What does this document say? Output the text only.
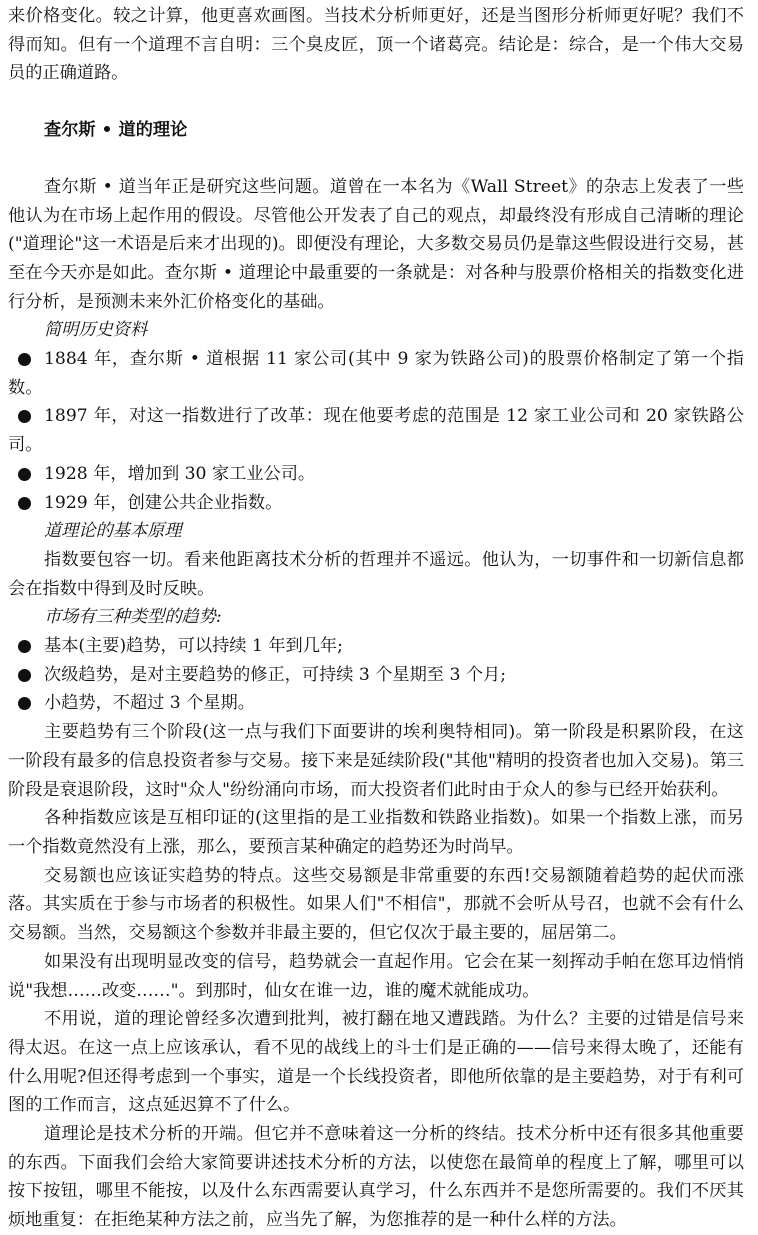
来价格变化。较之计算，他更喜欢画图。当技术分析师更好，还是当图形分析师更好呢？我们不得而知。但有一个道理不言自明：三个臭皮匠，顶一个诸葛亮。结论是：综合，是一个伟大交易员的正确道路。

查尔斯 • 道的理论

查尔斯 • 道当年正是研究这些问题。道曾在一本名为《Wall Street》的杂志上发表了一些他认为在市场上起作用的假设。尽管他公开发表了自己的观点，却最终没有形成自己清晰的理论("道理论"这一术语是后来才出现的)。即便没有理论，大多数交易员仍是靠这些假设进行交易，甚至在今天亦是如此。查尔斯 • 道理论中最重要的一条就是：对各种与股票价格相关的指数变化进行分析，是预测未来外汇价格变化的基础。

简明历史资料

1884 年，查尔斯 • 道根据 11 家公司(其中 9 家为铁路公司)的股票价格制定了第一个指数。

1897 年，对这一指数进行了改革：现在他要考虑的范围是 12 家工业公司和 20 家铁路公司。

1928 年，增加到 30 家工业公司。

1929 年，创建公共企业指数。

道理论的基本原理

指数要包容一切。看来他距离技术分析的哲理并不遥远。他认为，一切事件和一切新信息都会在指数中得到及时反映。

市场有三种类型的趋势:

基本(主要)趋势，可以持续 1 年到几年;

次级趋势，是对主要趋势的修正，可持续 3 个星期至 3 个月;

小趋势，不超过 3 个星期。

主要趋势有三个阶段(这一点与我们下面要讲的埃利奥特相同)。第一阶段是积累阶段，在这一阶段有最多的信息投资者参与交易。接下来是延续阶段("其他"精明的投资者也加入交易)。第三阶段是衰退阶段，这时"众人"纷纷涌向市场，而大投资者们此时由于众人的参与已经开始获利。

各种指数应该是互相印证的(这里指的是工业指数和铁路业指数)。如果一个指数上涨，而另一个指数竟然没有上涨，那么，要预言某种确定的趋势还为时尚早。

交易额也应该证实趋势的特点。这些交易额是非常重要的东西!交易额随着趋势的起伏而涨落。其实质在于参与市场者的积极性。如果人们"不相信"，那就不会听从号召，也就不会有什么交易额。当然，交易额这个参数并非最主要的，但它仅次于最主要的，屈居第二。

如果没有出现明显改变的信号，趋势就会一直起作用。它会在某一刻挥动手帕在您耳边悄悄说"我想……改变……"。到那时，仙女在谁一边，谁的魔术就能成功。

不用说，道的理论曾经多次遭到批判，被打翻在地又遭践踏。为什么？主要的过错是信号来得太迟。在这一点上应该承认，看不见的战线上的斗士们是正确的——信号来得太晚了，还能有什么用呢?但还得考虑到一个事实，道是一个长线投资者，即他所依靠的是主要趋势，对于有利可图的工作而言，这点延迟算不了什么。

道理论是技术分析的开端。但它并不意味着这一分析的终结。技术分析中还有很多其他重要的东西。下面我们会给大家简要讲述技术分析的方法，以使您在最简单的程度上了解，哪里可以按下按钮，哪里不能按，以及什么东西需要认真学习，什么东西并不是您所需要的。我们不厌其烦地重复：在拒绝某种方法之前，应当先了解，为您推荐的是一种什么样的方法。
